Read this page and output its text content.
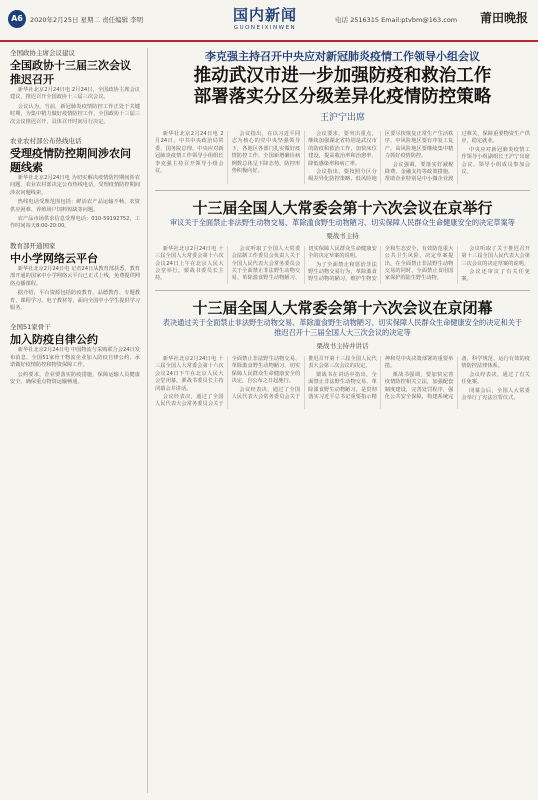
A6	2020年2月25日 星期二 责任编辑 李明	国内新闻
GUONEIXINWEN
电话 2516315 Email:ptvbm@163.com 莆田晚报
全国政协主席会议建议
全国政协十三届三次会议推迟召开

新华社北京2月24日电 2月24日，全国政协主席会议建议，推迟召开全国政协十三届三次会议。

会议认为，当前，新冠肺炎疫情防控工作正处于关键时期，为集中精力做好疫情防控工作，全国政协十三届三次会议推迟召开，具体召开时间另行决定。

农业农村部公布热线电话
受理疫情防控期间涉农问题线索

新华社北京2月24日电 为切实解决疫情防控期间涉农问题，农业农村部决定公布热线电话，受理疫情防控期间涉农问题线索。

热线电话受理范围包括：鲜活农产品运输不畅、农资供应困难、养殖场户饲料短缺等问题。

农产品市场供求信息受理电话：010-59192752，工作时间每天8:00-20:00。

教育部开通国家
中小学网络云平台

新华社北京2月24日电 记者24日从教育部获悉，教育部开通的国家中小学网络云平台已正式上线，免费提供网络点播课程。

据介绍，平台资源包括防疫教育、品德教育、专题教育、课程学习、电子教材等，面向全国中小学生提供学习服务。

全国51家骨干
加入防疫自律公约

新华社北京2月24日电 中国物流与采购联合会24日发布消息，全国51家骨干物流企业加入防疫自律公约，承诺做好疫情防控和物资保障工作。

公约要求，企业要落实防疫措施，保障运输人员健康安全，确保重点物资运输畅通。

李克强主持召开中央应对新冠肺炎疫情工作领导小组会议
推动武汉市进一步加强防疫和救治工作
部署落实分区分级差异化疫情防控策略
王沪宁出席

新华社北京2月24日电 2月24日，中共中央政治局常委、国务院总理、中央应对新冠肺炎疫情工作领导小组组长李克强主持召开领导小组会议。

会议指出，在以习近平同志为核心的党中央坚强领导下，各地区各部门扎实做好疫情防控工作，全国新增确诊病例数总体呈下降态势，防控形势积极向好。

会议要求，要突出重点，继续加强湖北省特别是武汉市的防疫和救治工作，加快床位建设，提高收治率和治愈率、降低感染率和病亡率。

会议指出，要按照分区分级差异化防控策略，低风险地区要尽快恢复正常生产生活秩序，中风险地区要有序复工复产，高风险地区要继续集中精力抓好疫情防控。

会议强调，要落实好减税降费、金融支持等政策措施，帮助企业特别是中小微企业渡过难关，保障重要物资生产供应，稳定就业。

中央应对新冠肺炎疫情工作领导小组副组长王沪宁出席会议。领导小组成员参加会议。

十三届全国人大常委会第十六次会议在京举行
审议关于全面禁止非法野生动物交易、革除滥食野生动物陋习、切实保障人民群众生命健康安全的决定草案等
栗战书主持

新华社北京2月24日电 十三届全国人大常委会第十六次会议24日上午在北京人民大会堂举行。栗战书委员长主持。

会议听取了全国人大常委会法制工作委员会负责人关于全国人民代表大会常务委员会关于全面禁止非法野生动物交易、革除滥食野生动物陋习、切实保障人民群众生命健康安全的决定草案的说明。

为了全面禁止和惩治非法野生动物交易行为，革除滥食野生动物的陋习，维护生物安全和生态安全，有效防范重大公共卫生风险，决定草案提出，在全面禁止非法野生动物交易的同时，全面禁止食用国家保护的陆生野生动物。

会议听取了关于推迟召开第十三届全国人民代表大会第三次会议的决定草案的说明。

会议还审议了有关任免案。

十三届全国人大常委会第十六次会议在京闭幕
表决通过关于全面禁止非法野生动物交易、革除滥食野生动物陋习、切实保障人民群众生命健康安全的决定和关于推迟召开十三届全国人大三次会议的决定等
栗战书主持并讲话

新华社北京2月24日电 十三届全国人大常委会第十六次会议24日下午在北京人民大会堂闭幕。栗战书委员长主持闭幕会并讲话。

会议经表决，通过了全国人民代表大会常务委员会关于全面禁止非法野生动物交易、革除滥食野生动物陋习、切实保障人民群众生命健康安全的决定，自公布之日起施行。

会议经表决，通过了全国人民代表大会常务委员会关于推迟召开第十三届全国人民代表大会第三次会议的决定。

栗战书在讲话中指出，全面禁止非法野生动物交易、革除滥食野生动物陋习，是贯彻落实习近平总书记重要指示精神和党中央决策部署的重要举措。

栗战书强调，要加快完善疫情防控相关立法，加强配套制度建设，完善处罚程序，强化公共安全保障，构建系统完备、科学规范、运行有效的疫情防控法律体系。

会议经表决，通过了有关任免案。

闭幕会后，全国人大常委会举行了宪法宣誓仪式。
